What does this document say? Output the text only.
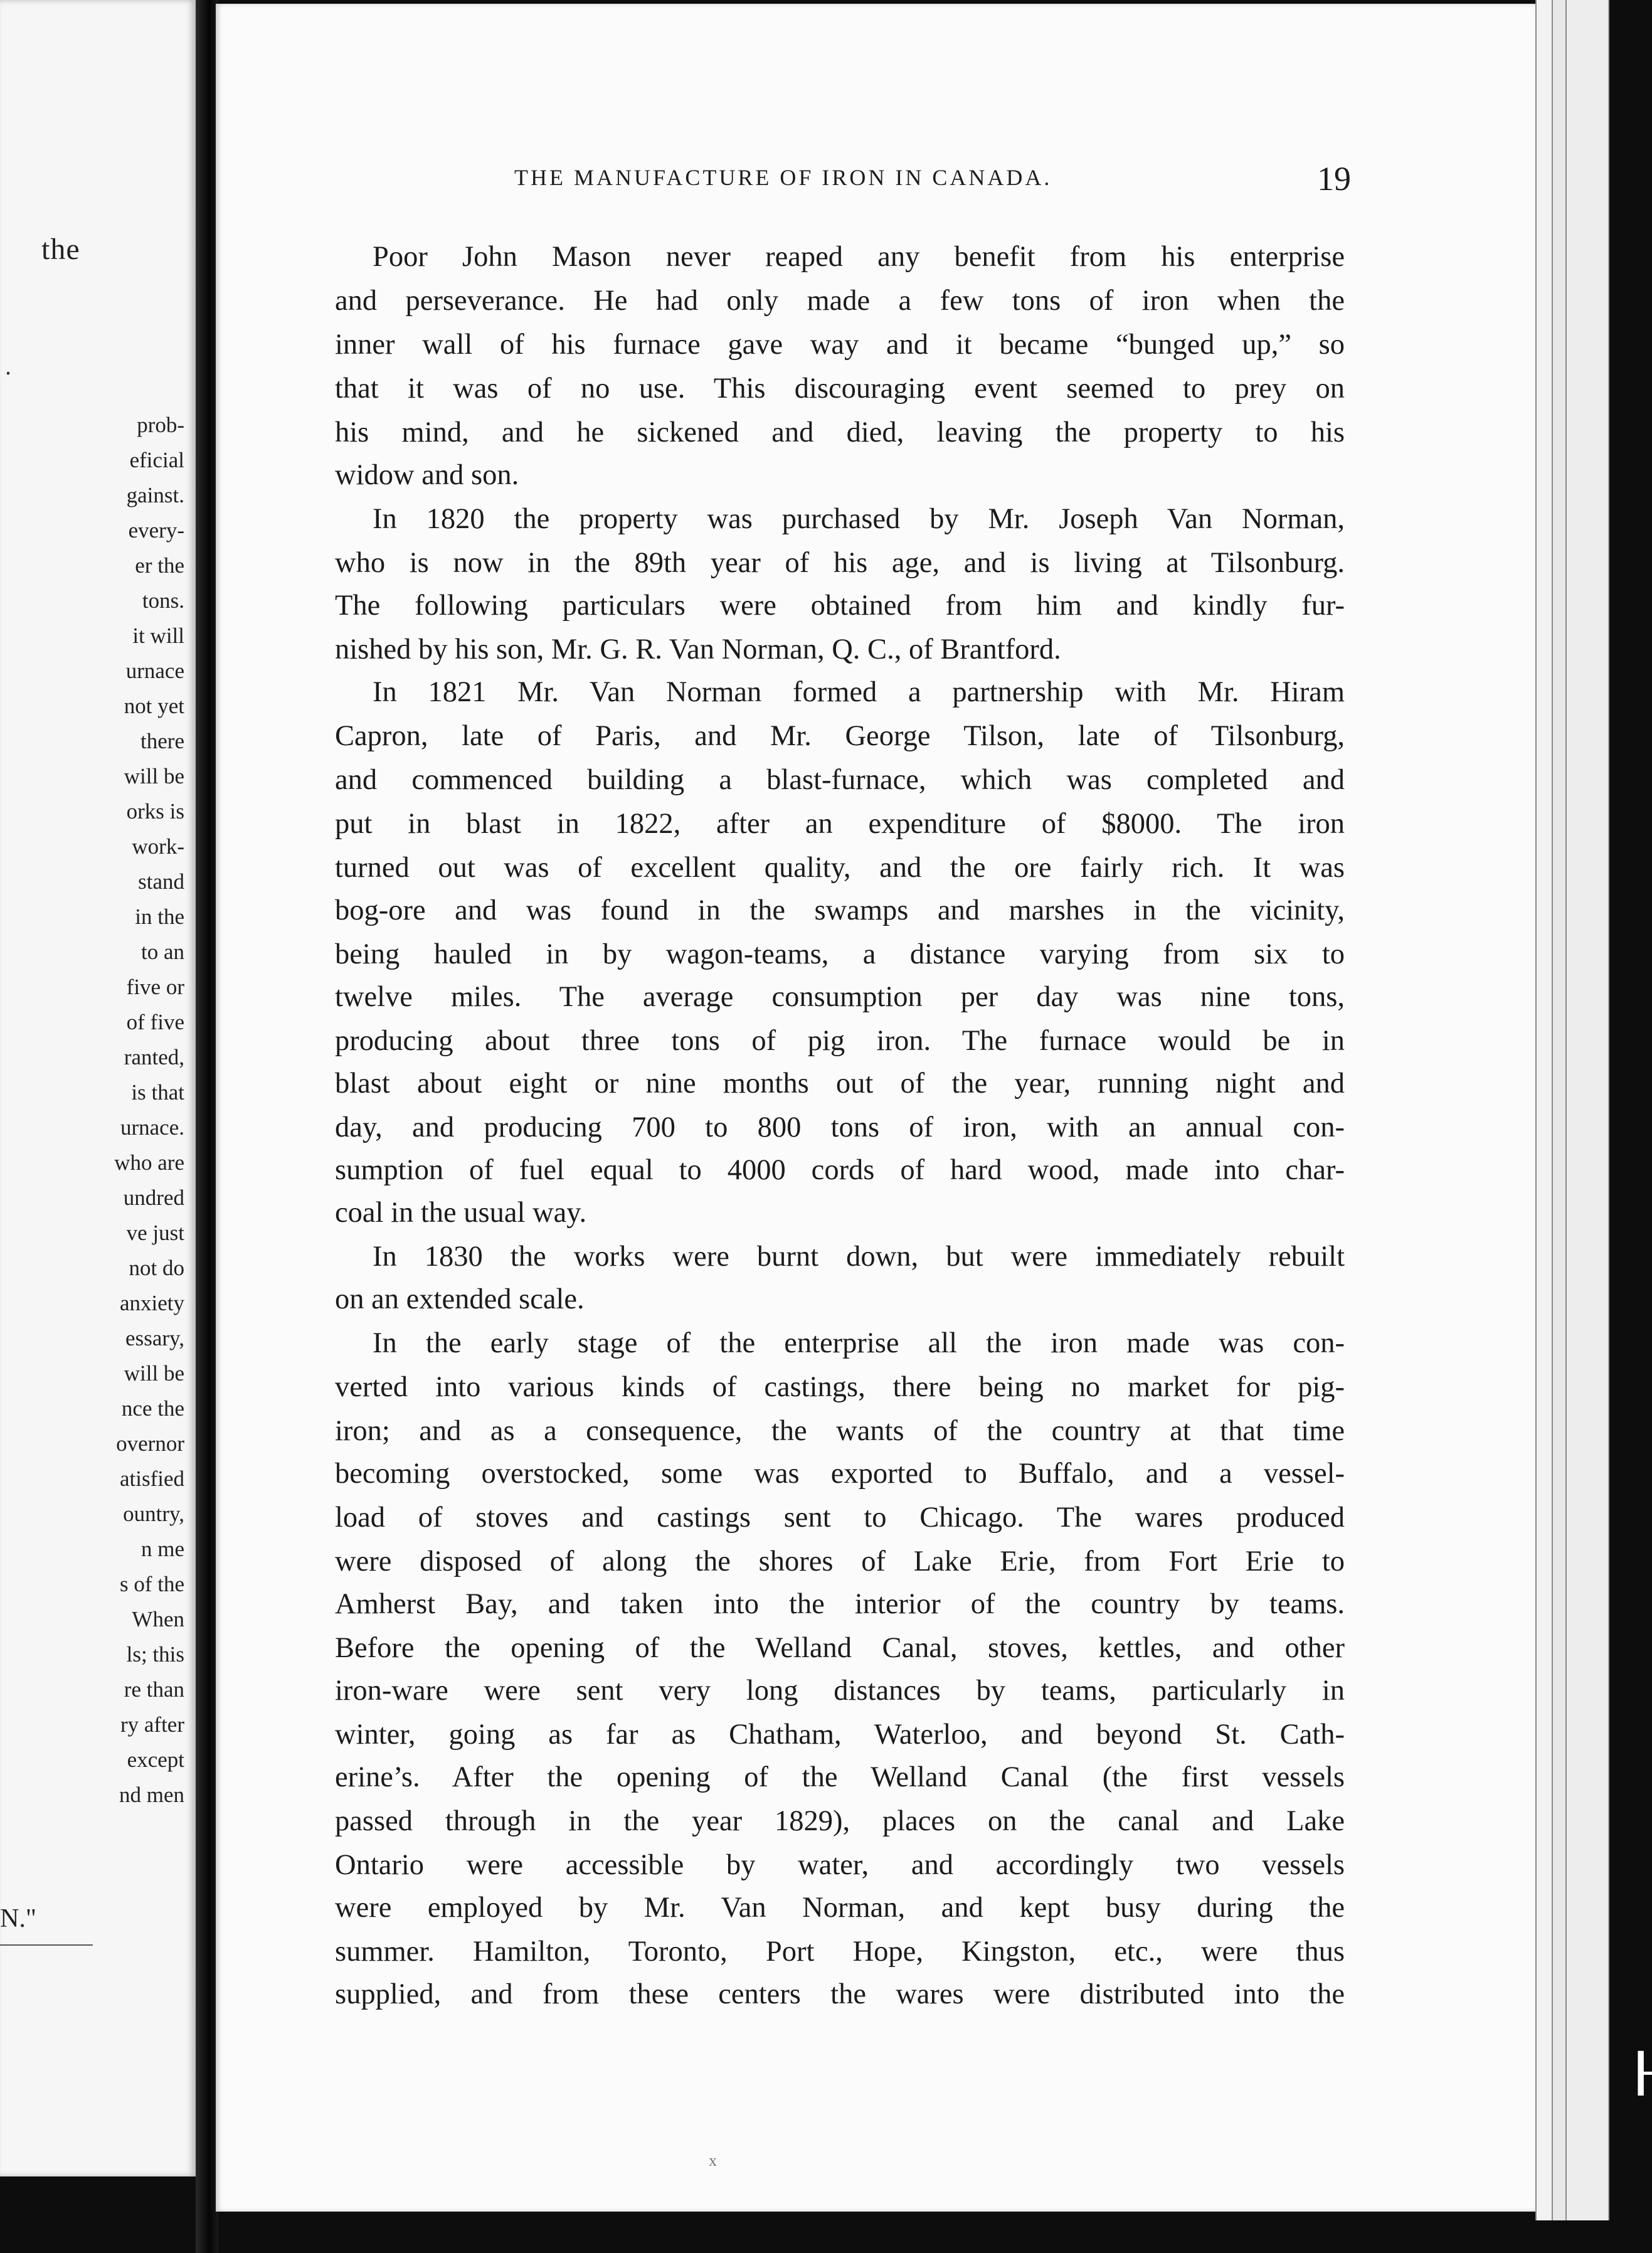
the
.
prob-
eficial
gainst.
every-
er the
tons.
it will
urnace
not yet
there
will be
orks is
work-
stand
in the
to an
five or
of five
ranted,
is that
urnace.
who are
undred
ve just
not do
anxiety
essary,
will be
nce the
overnor
atisfied
ountry,
n me
s of the
When
ls; this
re than
ry after
except
nd men
N."
┠
THE MANUFACTURE OF IRON IN CANADA.	19
Poor John Mason never reaped any benefit from his enterprise
and perseverance. He had only made a few tons of iron when the
inner wall of his furnace gave way and it became “bunged up,” so
that it was of no use. This discouraging event seemed to prey on
his mind, and he sickened and died, leaving the property to his
widow and son.
In 1820 the property was purchased by Mr. Joseph Van Norman,
who is now in the 89th year of his age, and is living at Tilsonburg.
The following particulars were obtained from him and kindly fur-
nished by his son, Mr. G. R. Van Norman, Q. C., of Brantford.
In 1821 Mr. Van Norman formed a partnership with Mr. Hiram
Capron, late of Paris, and Mr. George Tilson, late of Tilsonburg,
and commenced building a blast-furnace, which was completed and
put in blast in 1822, after an expenditure of $8000. The iron
turned out was of excellent quality, and the ore fairly rich. It was
bog-ore and was found in the swamps and marshes in the vicinity,
being hauled in by wagon-teams, a distance varying from six to
twelve miles. The average consumption per day was nine tons,
producing about three tons of pig iron. The furnace would be in
blast about eight or nine months out of the year, running night and
day, and producing 700 to 800 tons of iron, with an annual con-
sumption of fuel equal to 4000 cords of hard wood, made into char-
coal in the usual way.
In 1830 the works were burnt down, but were immediately rebuilt
on an extended scale.
In the early stage of the enterprise all the iron made was con-
verted into various kinds of castings, there being no market for pig-
iron; and as a consequence, the wants of the country at that time
becoming overstocked, some was exported to Buffalo, and a vessel-
load of stoves and castings sent to Chicago. The wares produced
were disposed of along the shores of Lake Erie, from Fort Erie to
Amherst Bay, and taken into the interior of the country by teams.
Before the opening of the Welland Canal, stoves, kettles, and other
iron-ware were sent very long distances by teams, particularly in
winter, going as far as Chatham, Waterloo, and beyond St. Cath-
erine’s. After the opening of the Welland Canal (the first vessels
passed through in the year 1829), places on the canal and Lake
Ontario were accessible by water, and accordingly two vessels
were employed by Mr. Van Norman, and kept busy during the
summer. Hamilton, Toronto, Port Hope, Kingston, etc., were thus
supplied, and from these centers the wares were distributed into the
x
